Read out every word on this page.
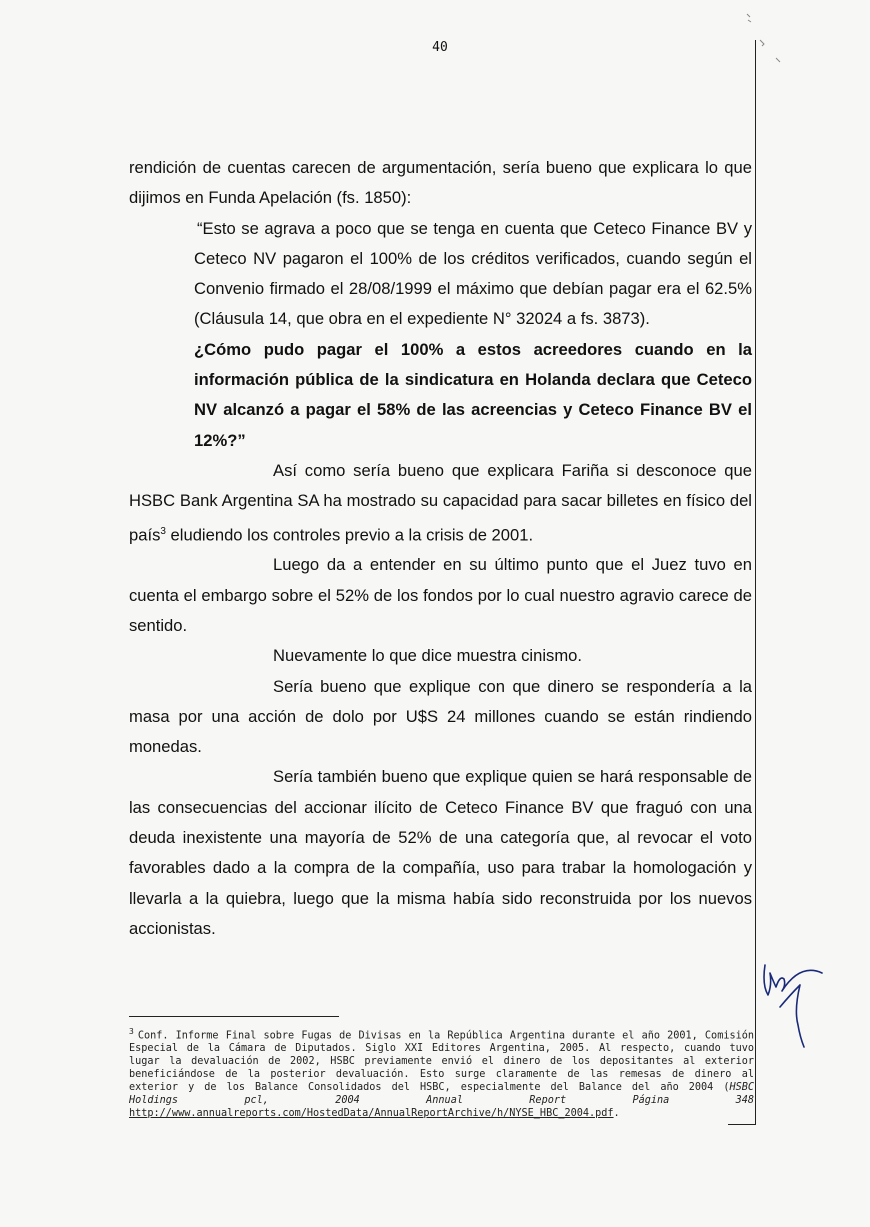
40

rendición de cuentas carecen de argumentación, sería bueno que explicara lo que dijimos en Funda Apelación (fs. 1850):

“Esto se agrava a poco que se tenga en cuenta que Ceteco Finance BV y Ceteco NV pagaron el 100% de los créditos verificados, cuando según el Convenio firmado el 28/08/1999 el máximo que debían pagar era el 62.5% (Cláusula 14, que obra en el expediente N° 32024 a fs. 3873).
¿Cómo pudo pagar el 100% a estos acreedores cuando en la información pública de la sindicatura en Holanda declara que Ceteco NV alcanzó a pagar el 58% de las acreencias y Ceteco Finance BV el 12%?”

Así como sería bueno que explicara Fariña si desconoce que HSBC Bank Argentina SA ha mostrado su capacidad para sacar billetes en físico del país$^3$ eludiendo los controles previo a la crisis de 2001.

Luego da a entender en su último punto que el Juez tuvo en cuenta el embargo sobre el 52% de los fondos por lo cual nuestro agravio carece de sentido.

Nuevamente lo que dice muestra cinismo.

Sería bueno que explique con que dinero se respondería a la masa por una acción de dolo por U$S 24 millones cuando se están rindiendo monedas.

Sería también bueno que explique quien se hará responsable de las consecuencias del accionar ilícito de Ceteco Finance BV que fraguó con una deuda inexistente una mayoría de 52% de una categoría que, al revocar el voto favorables dado a la compra de la compañía, uso para trabar la homologación y llevarla a la quiebra, luego que la misma había sido reconstruida por los nuevos accionistas.

$^3$ Conf. Informe Final sobre Fugas de Divisas en la República Argentina durante el año 2001, Comisión Especial de la Cámara de Diputados. Siglo XXI Editores Argentina, 2005. Al respecto, cuando tuvo lugar la devaluación de 2002, HSBC previamente envió el dinero de los depositantes al exterior beneficiándose de la posterior devaluación. Esto surge claramente de las remesas de dinero al exterior y de los Balance Consolidados del HSBC, especialmente del Balance del año 2004 (HSBC Holdings pcl, 2004 Annual Report Página 348 http://www.annualreports.com/HostedData/AnnualReportArchive/h/NYSE_HBC_2004.pdf.
